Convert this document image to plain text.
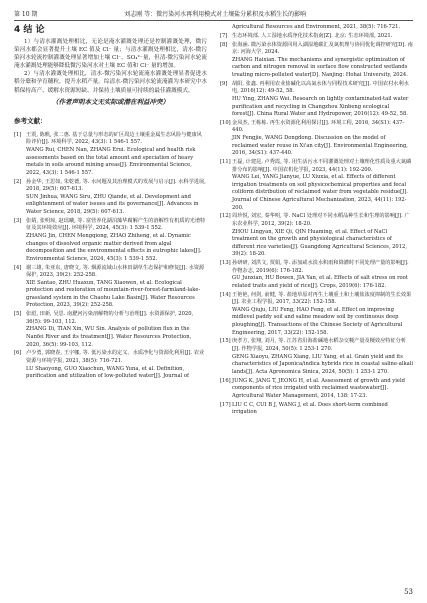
第 10 期	刘志刚 等：微污染河水再利用模式对土壤盐分累积及水稻生长的影响
4 结 论

1）与清水灌溉处理相比，无论是淹水灌溉处理还是控制灌溉处理，微污染河水都会显著提升土壤 EC 值及 Cl⁻ 量；与清水灌溉处理相比，清水-微污染河水轮流控制灌溉处理显著增加土壤 Cl⁻、SO₄²⁻量，但清-微污染河水轮流淹水灌溉处理能够降低微污染河水对土壤 EC 值和 Cl⁻ 量的增加。

2）与清水灌溉处理相比，清水-微污染河水轮流淹水灌溉处理显著促进水稻分蘖和孕育穗粒，提升水稻产量。综清水-微污染河水轮流淹灌为本研究中水稻保持高产、缓解水资源短缺、并保持土壤质量可持续的最佳灌溉模式。

（作者声明本文无实际或潜在利益冲突）
参考文献：
[1] 王震, 陈帆, 张二惠. 基于总量与形态的矿区周边土壤重金属生态风险与健康风险评价[J]. 环境科学, 2022, 43(3): 1 546-1 557.
WANG Rui, CHEN Nan, ZHANG Erui. Ecological and health risk assessments based on the total amount and speciation of heavy metals in soils around mining areas[J]. Environmental Science, 2022, 43(3): 1 546-1 557.
[2] 孙金华, 王思如, 朱乾德, 等. 水问题及其治理模式的发展与启示[J]. 水科学进展, 2018, 29(5): 607-613.
SUN Jinhua, WANG Siru, ZHU Qiande, et al. Development and enlightenment of water issues and its governance[J]. Advances in Water Science, 2018, 29(5): 607-613.
[3] 张婧, 张明琼, 赵瑶曦, 等. 富营养化湖泊藻华腐解产生的溶解性有机质的光谱特征及其环境效应[J]. 环境科学, 2024, 45(3): 1 539-1 552.
ZHANG Jin, CHEN Mengqiong, ZHAO Zhiheng, et al. Dynamic changes of dissolved organic matter derived from algal decomposition and the environmental effects in eutrophic lakes[J]. Environmental Science, 2024, 45(3): 1 539-1 552.
[4] 谢三雄, 朱亚东, 唐晓文, 等. 烟源流域山水林田湖草生态保护和修复[J]. 水资源保护, 2023, 39(2): 252-258.
XIE Santao, ZHU Huaxun, TANG Xiaowen, et al. Ecological protection and restoration of mountain-river-forest-farmland-lake-grassland system in the Chaohu Lake Basin[J]. Water Resources Protection, 2023, 39(2): 252-258.
[5] 张彪, 田新, 吴思. 南淝河污染溶解物的分析与治理[J]. 水资源保护, 2020, 36(5): 99-103, 112.
ZHANG Di, TIAN Xin, WU Sin. Analysis of pollution flux in the Nanfei River and its treatment[J]. Water Resources Protection, 2020, 36(5): 99-103, 112.
[6] 卢少勇, 郭晓春, 王宇娜, 等. 低污染水的定义、水质净化与资源化利用[J]. 农业资源与环境学报, 2021, 38(5): 716-721.
LU Shaoyong, GUO Xiaochun, WANG Yuna, et al. Definition, purification and utilization of low-polluted water[J]. Journal of
Agricultural Resources and Environment, 2021, 38(5): 716-721.
[7] 生态环境部. 人工湿地水质净化技术指南[Z]. 北京: 生态环境部, 2021.
[8] 张海涵. 微污染水体资源回用入湖湿地碳汇及氮机理与协同优化调控研究[D]. 南京: 河海大学, 2024.
ZHANG Haixian. The mechanisms and synergistic optimization of carbon and nitrogen removal in surface flow constructed wetlands treating micro-polluted water[D]. Nanjing: Hohai University, 2024.
[9] 胡阳, 张鑫. 再利用农业盐碱化以高氮水体与同程技术研究[J]. 中国农村水利水电, 2016(12): 49-52, 58.
HU Ying, ZHANG Wei. Research on lightly contaminated-tail water purification and recycling in Changzhou Xinbeng ecological forest[J]. China Rural Water and Hydropower, 2016(12): 49-52, 58.
[10] 金凤杰, 王栋栋. 再生水资源化利用探讨[J]. 环境工程, 2016, 34(S1): 437-440.
JIN Fengjie, WANG Dongdong. Discussion on the model of reclaimed water reuse in Xi'an city[J]. Environmental Engineering, 2016, 34(S1): 437-440.
[11] 王磊, 计建昆, 卢秀霞, 等. 用生活污水不同灌溉处理对土壤理化性质及重大氮磷排分布的影响[J]. 中国农机化学报, 2023, 44(11): 192-200.
WANG Lei, YANG Jianyue, LU Xiuxia, et al. Effects of different irrigation treatments on soil physicochemical properties and fecal coliform distribution of reclaimed water from vegetable residue[J]. Journal of Chinese Agricultural Mechanization, 2023, 44(11): 192-200.
[12] 周珍悦, 刘宏, 秦华明, 等. NaCl 处理对不同水稻品种生长和生理的影响[J]. 广东农业科学, 2012, 39(2): 18-20.
ZHOU Lingyan, XIE Qi, QIN Huaming, et al. Effect of NaCl treatment on the growth and physiological characteristics of different rice varieties[J]. Guangdong Agricultural Sciences, 2012, 39(2): 18-20.
[13] 孙研研, 刘洪文, 贾娟, 等. 添加咸水淡水积雨和降灌时不同处理产量的影响[J]. 作物杂志, 2019(6): 176-182.
GU Junxian, HU Bowen, JIA Yan, et al. Effects of salt stress on root related traits and yield of rice[J]. Crops, 2019(6): 176-182.
[14] 王艳艳, 何剑, 俞健, 等. 盐地草原对再生土壤重土和土壤盐浓度抑制的生长效果[J]. 农业工程学报, 2017, 33(22): 152-158.
WANG Qiuju, LIU Feng, HAO Feng, et al. Effect on improving midlevel paddy soil and saline meadow soil by continuous deep ploughing[J]. Transactions of the Chinese Society of Agricultural Engineering, 2017, 33(22): 152-158.
[15] 庚孝方, 张翔, 刘月, 等. 江苏省沿海盐碱地水稻杂交粳产量及粳效应特征分析[J]. 作物学报, 2024, 50(5): 1 253-1 270.
GENG Xiaoyu, ZHANG Xiang, LIU Yang, et al. Grain yield and its characteristics of Japonica/indica hybrids rice in coastal saline-alkali lands[J]. Acta Agronomica Sinica, 2024, 50(5): 1 253-1 270.
[16] JUNG K, JANG T, JEONG H, et al. Assessment of growth and yield components of rice irrigated with reclaimed wastewater[J]. Agricultural Water Management, 2014, 138: 17-23.
[17] LIU C C, CUI B J, WANG J, et al. Does short-term combined irrigation
53
